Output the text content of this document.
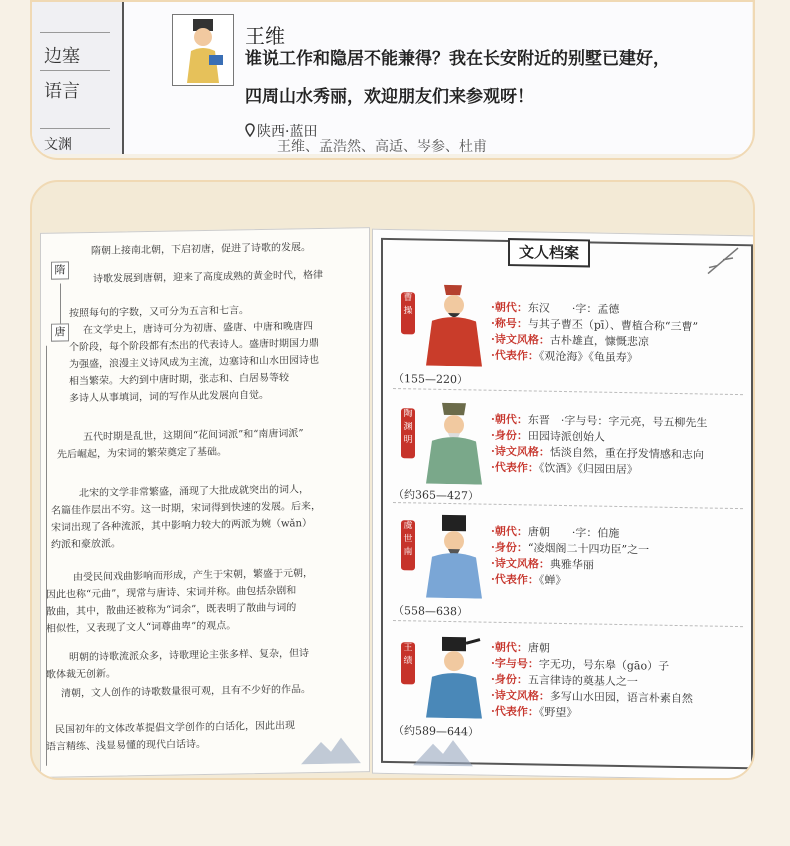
边塞
语言
文渊
王维
谁说工作和隐居不能兼得？我在长安附近的别墅已建好，
四周山水秀丽，欢迎朋友们来参观呀！
陕西·蓝田
王维、孟浩然、高适、岑参、杜甫
隋朝上接南北朝，下启初唐，促进了诗歌的发展。
隋
唐
诗歌发展到唐朝，迎来了高度成熟的黄金时代，格律
按照每句的字数，又可分为五言和七言。
在文学史上，唐诗可分为初唐、盛唐、中唐和晚唐四
个阶段，每个阶段都有杰出的代表诗人。盛唐时期国力鼎
为强盛，浪漫主义诗风成为主流，边塞诗和山水田园诗也
相当繁荣。大约到中唐时期，张志和、白居易等较
多诗人从事填词，词的写作从此发展向自觉。
五代时期是乱世，这期间“花间词派”和“南唐词派”
先后崛起，为宋词的繁荣奠定了基础。
北宋的文学非常繁盛，涌现了大批成就突出的词人，
名篇佳作层出不穷。这一时期，宋词得到快速的发展。后来，
宋词出现了各种流派，其中影响力较大的两派为婉（wǎn）
约派和豪放派。
由受民间戏曲影响而形成，产生于宋朝，繁盛于元朝，
因此也称“元曲”，现常与唐诗、宋词并称。曲包括杂剧和
散曲，其中，散曲还被称为“词余”，既表明了散曲与词的
相似性，又表现了文人“词尊曲卑”的观点。
明朝的诗歌流派众多，诗歌理论主张多样、复杂，但诗
歌体裁无创新。
清朝，文人创作的诗歌数量很可观，且有不少好的作品。
民国初年的文体改革提倡文学创作的白话化，因此出现
语言精练、浅显易懂的现代白话诗。
文人档案
曹操
（155—220）
·朝代：东汉　　·字：孟德
·称号：与其子曹丕（pī）、曹植合称“三曹”
·诗文风格：古朴雄直，慷慨悲凉
·代表作：《观沧海》《龟虽寿》
陶渊明
（约365—427）
·朝代：东晋　·字与号：字元亮，号五柳先生
·身份：田园诗派创始人
·诗文风格：恬淡自然，重在抒发情感和志向
·代表作：《饮酒》《归园田居》
虞世南
（558—638）
·朝代：唐朝　　·字：伯施
·身份：“凌烟阁二十四功臣”之一
·诗文风格：典雅华丽
·代表作：《蝉》
王绩
（约589—644）
·朝代：唐朝
·字与号：字无功，号东皋（gāo）子
·身份：五言律诗的奠基人之一
·诗文风格：多写山水田园，语言朴素自然
·代表作：《野望》
